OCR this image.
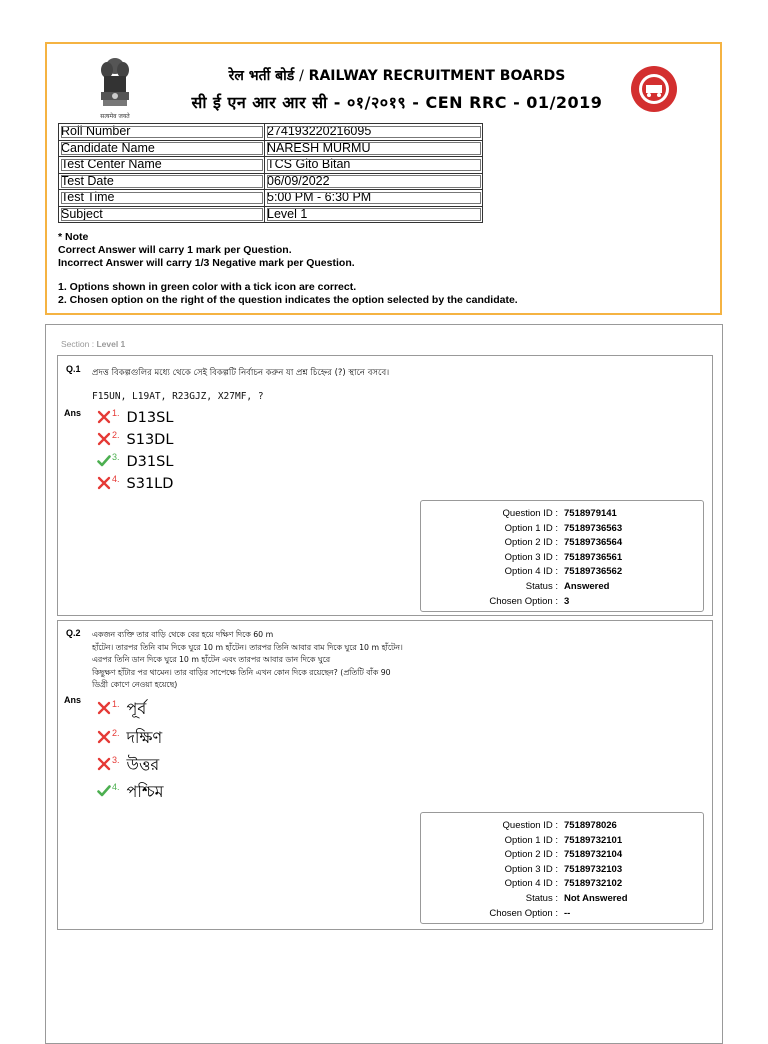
सत्यमेव जयते
रेल भर्ती बोर्ड / RAILWAY RECRUITMENT BOARDS
सी ई एन आर आर सी - ०१/२०१९ - CEN RRC - 01/2019
Roll Number	274193220216095
Candidate Name	NARESH MURMU
Test Center Name	TCS Gito Bitan
Test Date	06/09/2022
Test Time	5:00 PM - 6:30 PM
Subject	Level 1
* Note
Correct Answer will carry 1 mark per Question.
Incorrect Answer will carry 1/3 Negative mark per Question.
1. Options shown in green color with a tick icon are correct.
2. Chosen option on the right of the question indicates the option selected by the candidate.
Section : Level 1
Q.1 প্রদত্ত বিকল্পগুলির মধ্যে থেকে সেই বিকল্পটি নির্বাচন করুন যা প্রশ্ন চিহ্নের (?) স্থানে বসবে।
F15UN, L19AT, R23GJZ, X27MF, ?
Ans	1. D13SL
2. S13DL
3. D31SL
4. S31LD
Question ID : 7518979141
Option 1 ID : 75189736563
Option 2 ID : 75189736564
Option 3 ID : 75189736561
Option 4 ID : 75189736562
Status : Answered
Chosen Option : 3
Q.2 একজন ব্যক্তি তার বাড়ি থেকে বের হয়ে দক্ষিণ দিকে 60 m
হাঁটেন। তারপর তিনি বাম দিকে ঘুরে 10 m হাঁটেন। তারপর তিনি আবার বাম দিকে ঘুরে 10 m হাঁটেন।
এরপর তিনি ডান দিকে ঘুরে 10 m হাঁটেন এবং তারপর আবার ডান দিকে ঘুরে
কিছুক্ষণ হাঁটার পর থামেন। তার বাড়ির সাপেক্ষে তিনি এখন কোন দিকে রয়েছেন? (প্রতিটি বাঁক 90
ডিগ্রী কোণে নেওয়া হয়েছে)
Ans	1. পূর্ব
2. দক্ষিণ
3. উত্তর
4. পশ্চিম
Question ID : 7518978026
Option 1 ID : 75189732101
Option 2 ID : 75189732104
Option 3 ID : 75189732103
Option 4 ID : 75189732102
Status : Not Answered
Chosen Option : --
